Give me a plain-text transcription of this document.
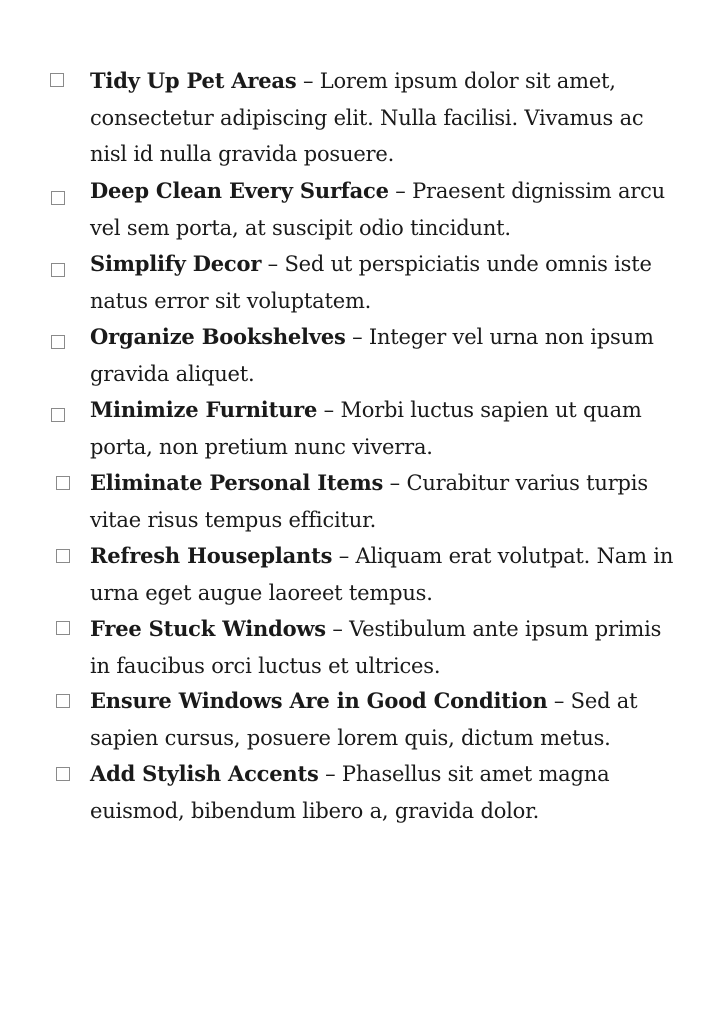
Tidy Up Pet Areas – Lorem ipsum dolor sit amet, consectetur adipiscing elit. Nulla facilisi. Vivamus ac nisl id nulla gravida posuere.
Deep Clean Every Surface – Praesent dignissim arcu vel sem porta, at suscipit odio tincidunt.
Simplify Decor – Sed ut perspiciatis unde omnis iste natus error sit voluptatem.
Organize Bookshelves – Integer vel urna non ipsum gravida aliquet.
Minimize Furniture – Morbi luctus sapien ut quam porta, non pretium nunc viverra.
Eliminate Personal Items – Curabitur varius turpis vitae risus tempus efficitur.
Refresh Houseplants – Aliquam erat volutpat. Nam in urna eget augue laoreet tempus.
Free Stuck Windows – Vestibulum ante ipsum primis in faucibus orci luctus et ultrices.
Ensure Windows Are in Good Condition – Sed at sapien cursus, posuere lorem quis, dictum metus.
Add Stylish Accents – Phasellus sit amet magna euismod, bibendum libero a, gravida dolor.
